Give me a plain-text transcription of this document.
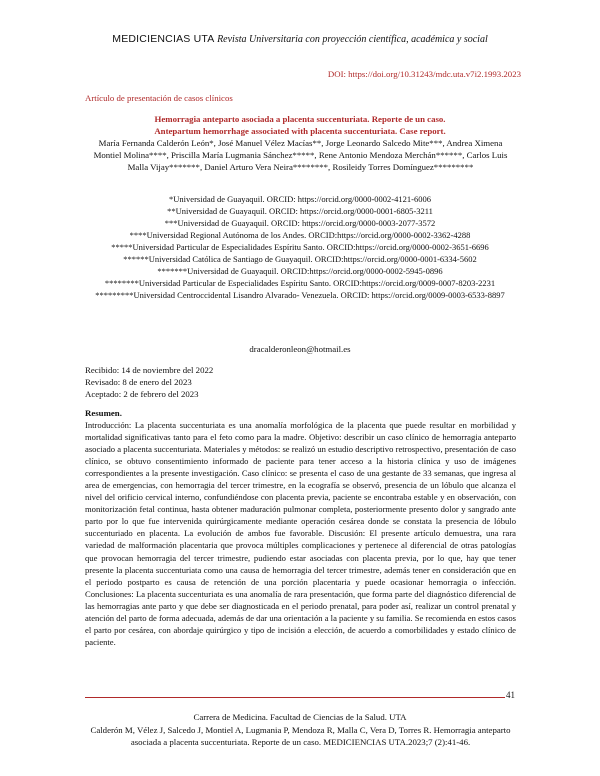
MEDICIENCIAS UTA Revista Universitaria con proyección científica, académica y social
DOI: https://doi.org/10.31243/mdc.uta.v7i2.1993.2023
Artículo de presentación de casos clínicos
Hemorragia anteparto asociada a placenta succenturiata. Reporte de un caso.
Antepartum hemorrhage associated with placenta succenturiata. Case report.
María Fernanda Calderón León*, José Manuel Vélez Macías**, Jorge Leonardo Salcedo Mite***, Andrea Ximena Montiel Molina****, Priscilla María Lugmania Sánchez*****, Rene Antonio Mendoza Merchán******, Carlos Luis Malla Vijay*******, Daniel Arturo Vera Neira********, Rosileidy Torres Domínguez*********
*Universidad de Guayaquil. ORCID: https://orcid.org/0000-0002-4121-6006
**Universidad de Guayaquil. ORCID: https://orcid.org/0000-0001-6805-3211
***Universidad de Guayaquil. ORCID: https://orcid.org/0000-0003-2077-3572
****Universidad Regional Autónoma de los Andes. ORCID:https://orcid.org/0000-0002-3362-4288
*****Universidad Particular de Especialidades Espíritu Santo. ORCID:https://orcid.org/0000-0002-3651-6696
******Universidad Católica de Santiago de Guayaquil. ORCID:https://orcid.org/0000-0001-6334-5602
*******Universidad de Guayaquil. ORCID:https://orcid.org/0000-0002-5945-0896
********Universidad Particular de Especialidades Espíritu Santo. ORCID:https://orcid.org/0009-0007-8203-2231
*********Universidad Centroccidental Lisandro Alvarado- Venezuela. ORCID: https://orcid.org/0009-0003-6533-8897
dracalderonleon@hotmail.es
Recibido: 14 de noviembre del 2022
Revisado: 8 de enero del 2023
Aceptado: 2 de febrero del 2023
Resumen.
Introducción: La placenta succenturiata es una anomalía morfológica de la placenta que puede resultar en morbilidad y mortalidad significativas tanto para el feto como para la madre. Objetivo: describir un caso clínico de hemorragia anteparto asociado a placenta succenturiata. Materiales y métodos: se realizó un estudio descriptivo retrospectivo, presentación de caso clínico, se obtuvo consentimiento informado de paciente para tener acceso a la historia clínica y uso de imágenes correspondientes a la presente investigación. Caso clínico: se presenta el caso de una gestante de 33 semanas, que ingresa al area de emergencias, con hemorragia del tercer trimestre, en la ecografía se observó, presencia de un lóbulo que alcanza el nivel del orificio cervical interno, confundiéndose con placenta previa, paciente se encontraba estable y en observación, con monitorización fetal continua, hasta obtener maduración pulmonar completa, posteriormente presento dolor y sangrado ante parto por lo que fue intervenida quirúrgicamente mediante operación cesárea donde se constata la presencia de lóbulo succenturiado en placenta. La evolución de ambos fue favorable. Discusión: El presente artículo demuestra, una rara variedad de malformación placentaria que provoca múltiples complicaciones y pertenece al diferencial de otras patologías que provocan hemorragia del tercer trimestre, pudiendo estar asociadas con placenta previa, por lo que, hay que tener presente la placenta succenturiata como una causa de hemorragia del tercer trimestre, además tener en consideración que en el periodo postparto es causa de retención de una porción placentaria y puede ocasionar hemorragia o infección. Conclusiones: La placenta succenturiata es una anomalía de rara presentación, que forma parte del diagnóstico diferencial de las hemorragias ante parto y que debe ser diagnosticada en el periodo prenatal, para poder así, realizar un control prenatal y atención del parto de forma adecuada, además de dar una orientación a la paciente y su familia. Se recomienda en estos casos el parto por cesárea, con abordaje quirúrgico y tipo de incisión a elección, de acuerdo a comorbilidades y estado clínico de paciente.
41
Carrera de Medicina. Facultad de Ciencias de la Salud. UTA
Calderón M, Vélez J, Salcedo J, Montiel A, Lugmania P, Mendoza R, Malla C, Vera D, Torres R. Hemorragia anteparto asociada a placenta succenturiata. Reporte de un caso. MEDICIENCIAS UTA.2023;7 (2):41-46.
